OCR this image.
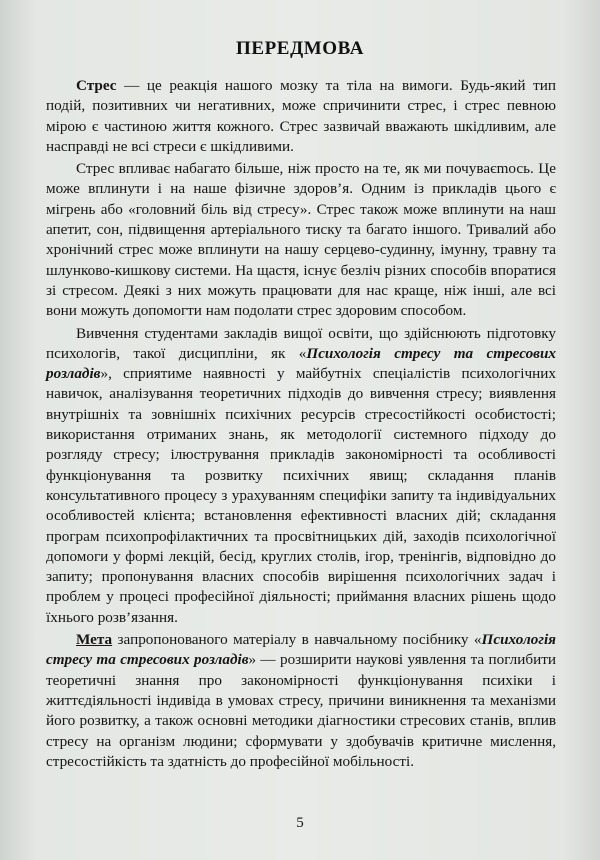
ПЕРЕДМОВА

Стрес — це реакція нашого мозку та тіла на вимоги. Будь-який тип подій, позитивних чи негативних, може спричинити стрес, і стрес певною мірою є частиною життя кожного. Стрес зазвичай вважають шкідливим, але насправді не всі стреси є шкідливими.

Стрес впливає набагато більше, ніж просто на те, як ми почуваєmось. Це може вплинути і на наше фізичне здоров’я. Одним із прикладів цього є мігрень або «головний біль від стресу». Стрес також може вплинути на наш апетит, сон, підвищення артеріального тиску та багато іншого. Тривалий або хронічний стрес може вплинути на нашу серцево-судинну, імунну, травну та шлунково-кишкову системи. На щастя, існує безліч різних способів впоратися зі стресом. Деякі з них можуть працювати для нас краще, ніж інші, але всі вони можуть допомогти нам подолати стрес здоровим способом.

Вивчення студентами закладів вищої освіти, що здійснюють підготовку психологів, такої дисципліни, як «Психологія стресу та стресових розладів», сприятиме наявності у майбутніх спеціалістів психологічних навичок, аналізування теоретичних підходів до вивчення стресу; виявлення внутрішніх та зовнішніх психічних ресурсів стресостійкості особистості; використання отриманих знань, як методології системного підходу до розгляду стресу; ілюстрування прикладів закономірності та особливості функціонування та розвитку психічних явищ; складання планів консультативного процесу з урахуванням специфіки запиту та індивідуальних особливостей клієнта; встановлення ефективності власних дій; складання програм психопрофілактичних та просвітницьких дій, заходів психологічної допомоги у формі лекцій, бесід, круглих столів, ігор, тренінгів, відповідно до запиту; пропонування власних способів вирішення психологічних задач і проблем у процесі професійної діяльності; приймання власних рішень щодо їхнього розв’язання.

Мета запропонованого матеріалу в навчальному посібнику «Психологія стресу та стресових розладів» — розширити наукові уявлення та поглибити теоретичні знання про закономірності функціонування психіки і життєдіяльності індивіда в умовах стресу, причини виникнення та механізми його розвитку, а також основні методики діагностики стресових станів, вплив стресу на організм людини; сформувати у здобувачів критичне мислення, стресостійкість та здатність до професійної мобільності.

5
